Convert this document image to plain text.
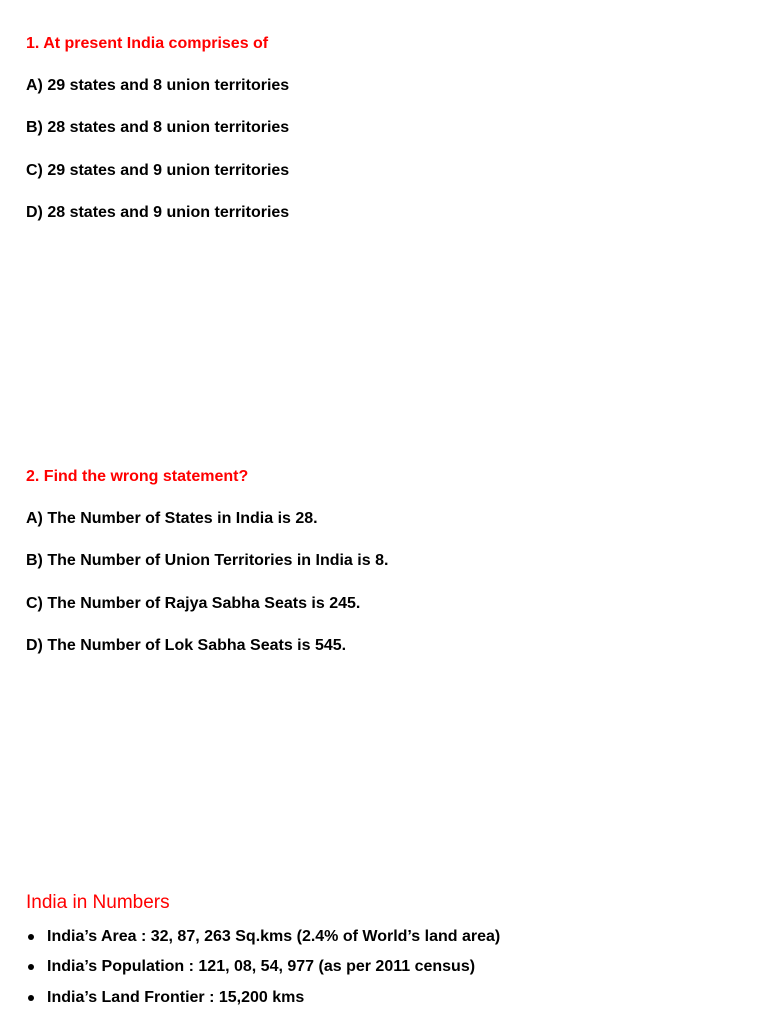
1. At present India comprises of
A) 29 states and 8 union territories
B) 28 states and 8 union territories
C) 29 states and 9 union territories
D) 28 states and 9 union territories
2. Find the wrong statement?
A) The Number of States in India is 28.
B) The Number of Union Territories in India is 8.
C) The Number of Rajya Sabha Seats is 245.
D) The Number of Lok Sabha Seats is 545.
India in Numbers
India’s Area : 32, 87, 263 Sq.kms (2.4% of World’s land area)
India’s Population : 121, 08, 54, 977 (as per 2011 census)
India’s Land Frontier : 15,200 kms
